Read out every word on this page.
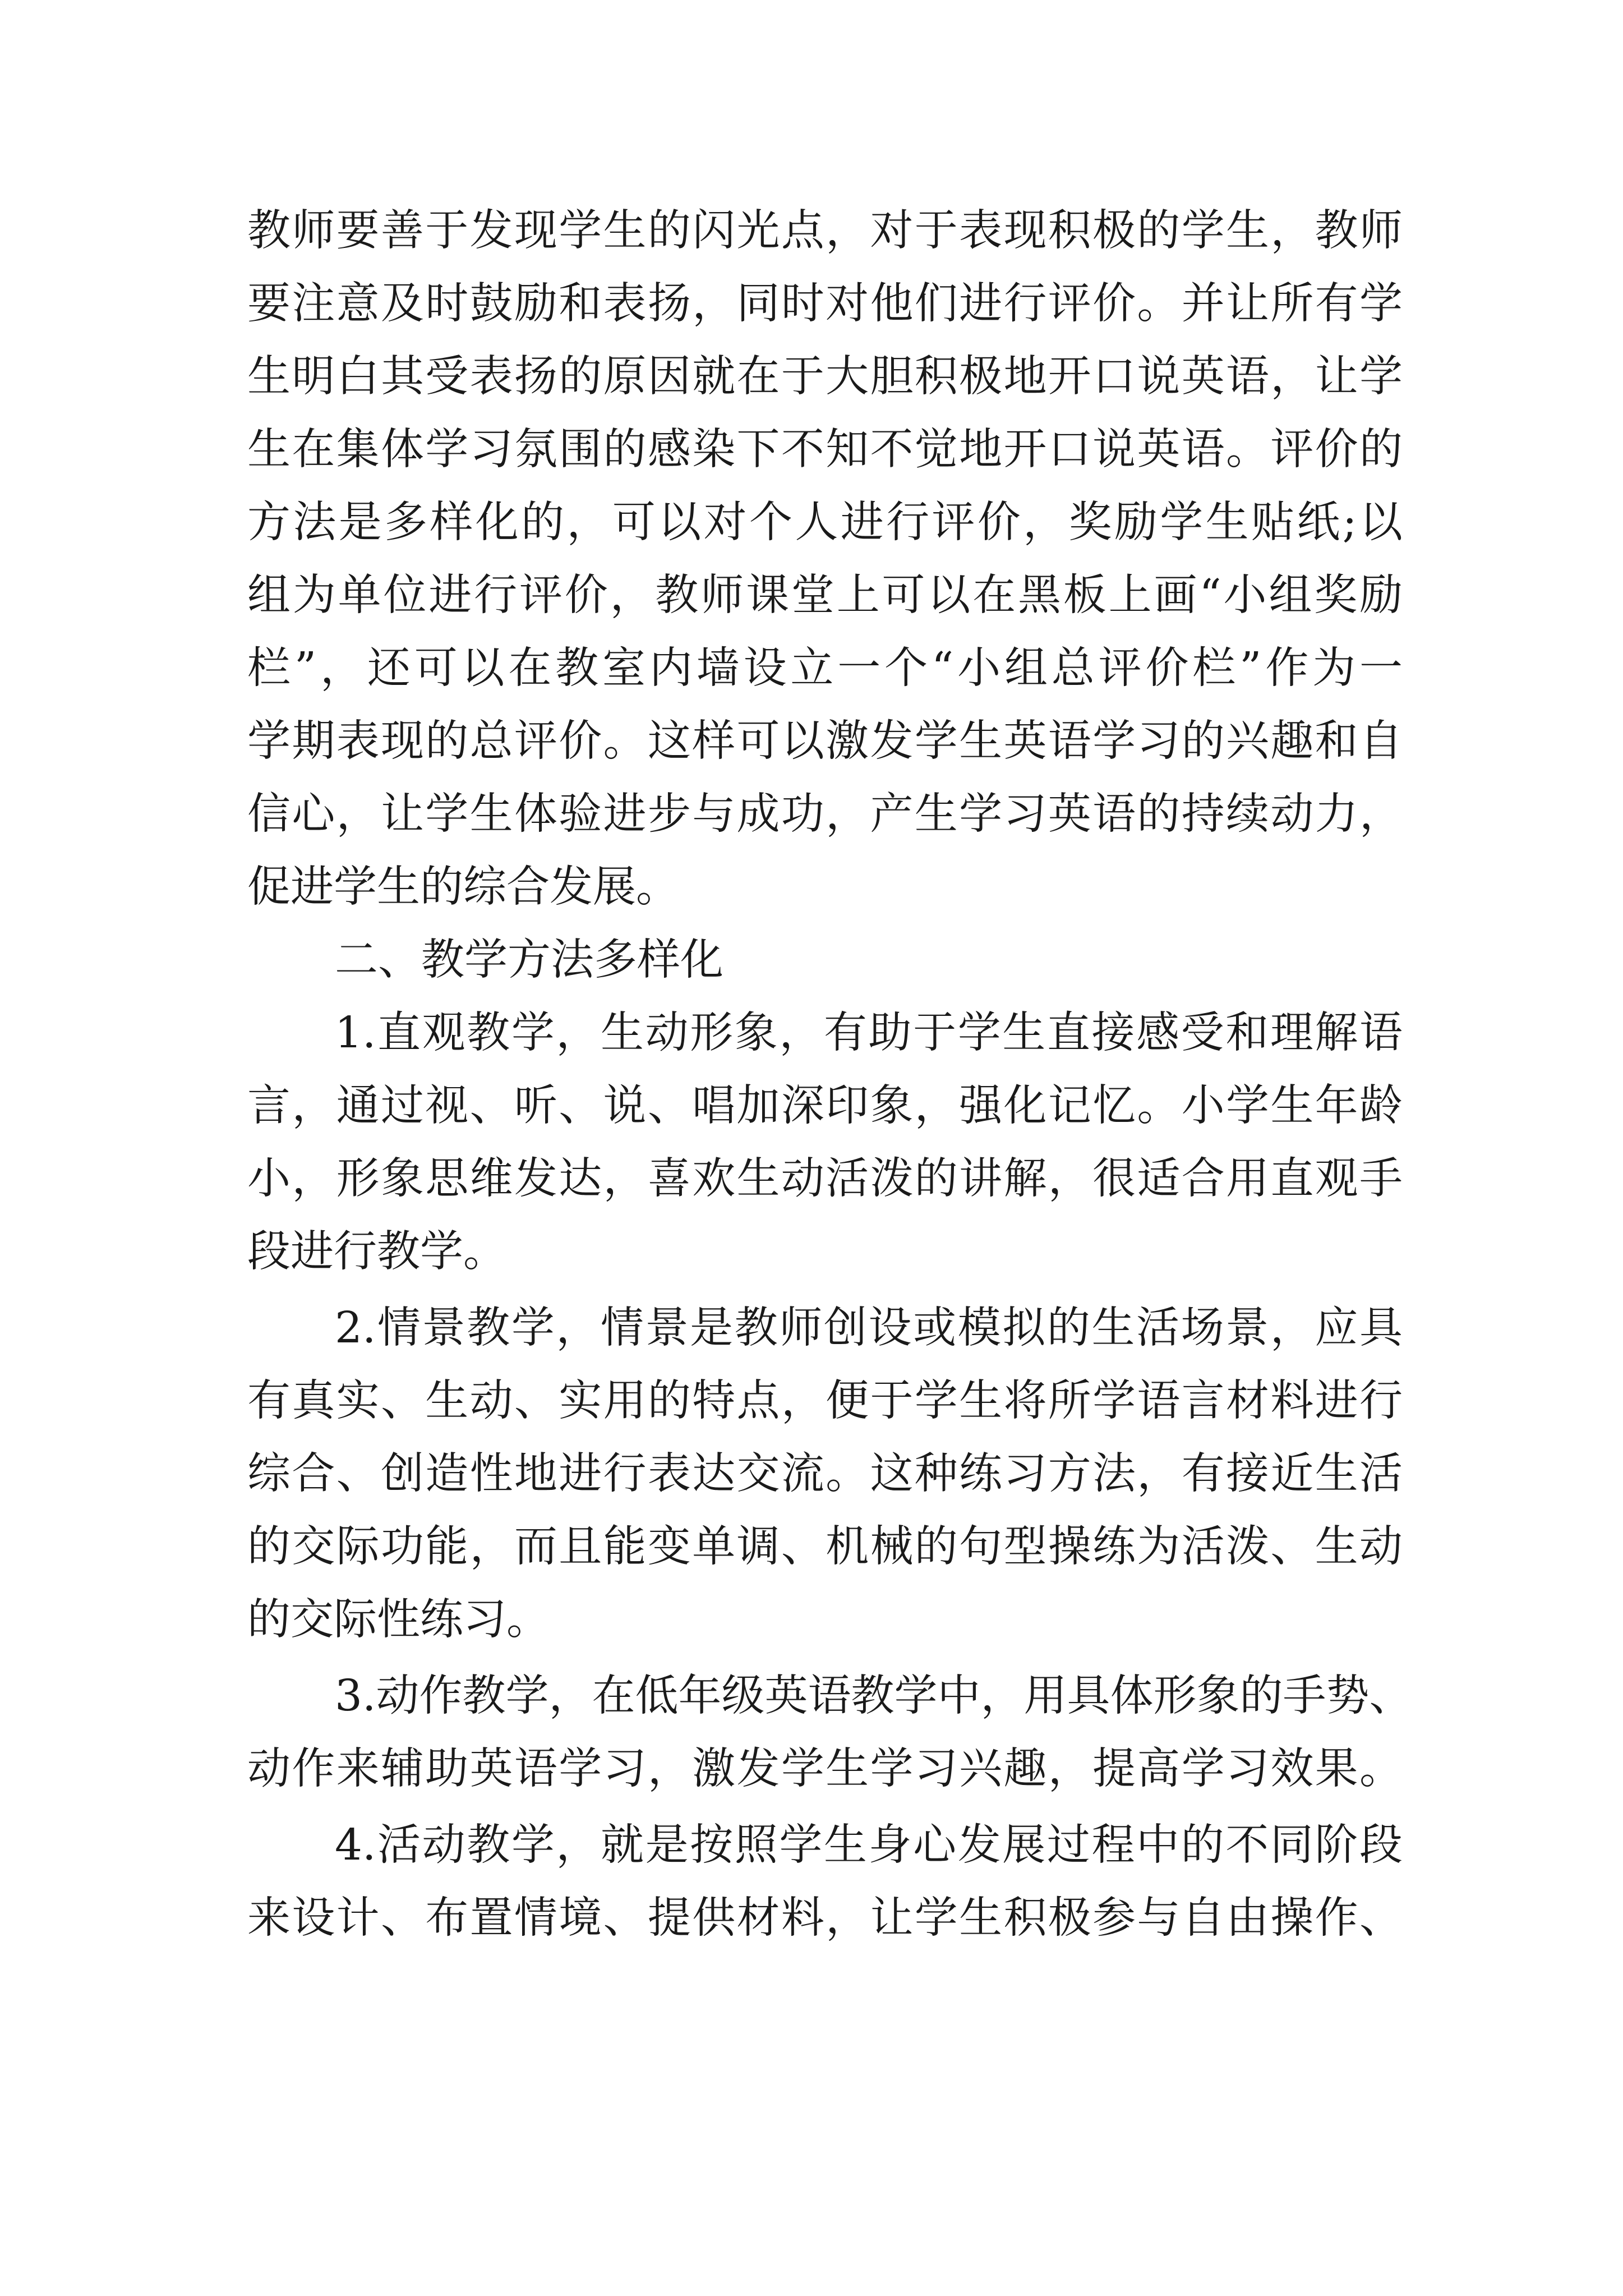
教师要善于发现学生的闪光点，对于表现积极的学生，教师
要注意及时鼓励和表扬，同时对他们进行评价。并让所有学
生明白其受表扬的原因就在于大胆积极地开口说英语，让学
生在集体学习氛围的感染下不知不觉地开口说英语。评价的
方法是多样化的，可以对个人进行评价，奖励学生贴纸;以
组为单位进行评价，教师课堂上可以在黑板上画“小组奖励
栏”，还可以在教室内墙设立一个“小组总评价栏”作为一
学期表现的总评价。这样可以激发学生英语学习的兴趣和自
信心，让学生体验进步与成功，产生学习英语的持续动力，
促进学生的综合发展。
二、教学方法多样化
1.直观教学，生动形象，有助于学生直接感受和理解语
言，通过视、听、说、唱加深印象，强化记忆。小学生年龄
小，形象思维发达，喜欢生动活泼的讲解，很适合用直观手
段进行教学。
2.情景教学，情景是教师创设或模拟的生活场景，应具
有真实、生动、实用的特点，便于学生将所学语言材料进行
综合、创造性地进行表达交流。这种练习方法，有接近生活
的交际功能，而且能变单调、机械的句型操练为活泼、生动
的交际性练习。
3.动作教学，在低年级英语教学中，用具体形象的手势、
动作来辅助英语学习，激发学生学习兴趣，提高学习效果。
4.活动教学，就是按照学生身心发展过程中的不同阶段
来设计、布置情境、提供材料，让学生积极参与自由操作、
